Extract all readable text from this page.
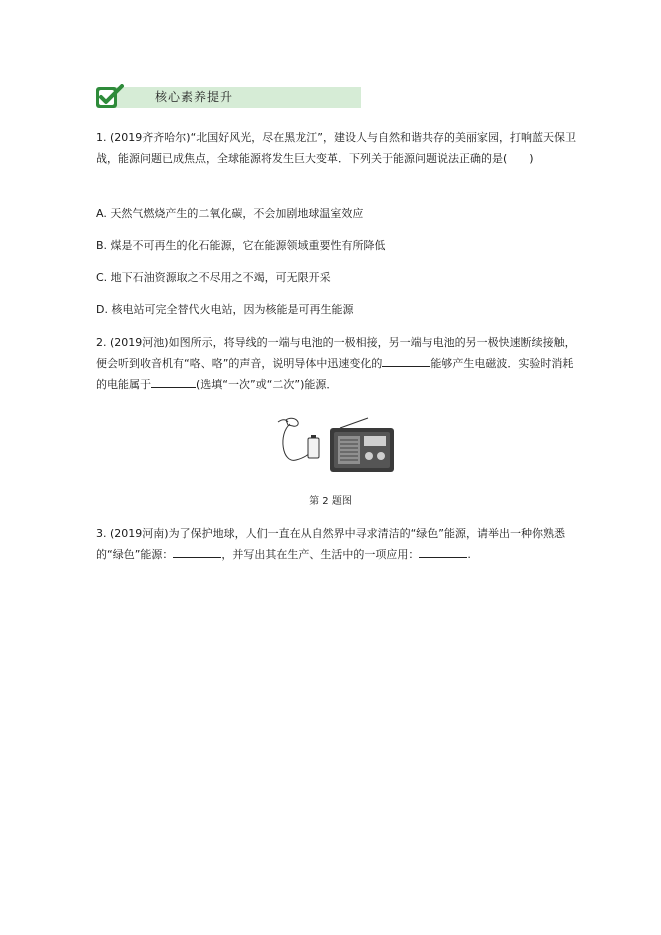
核心素养提升
1. (2019齐齐哈尔)“北国好风光，尽在黑龙江”，建设人与自然和谐共存的美丽家园，打响蓝天保卫战，能源问题已成焦点，全球能源将发生巨大变革．下列关于能源问题说法正确的是(　　)
A. 天然气燃烧产生的二氧化碳，不会加剧地球温室效应
B. 煤是不可再生的化石能源，它在能源领域重要性有所降低
C. 地下石油资源取之不尽用之不竭，可无限开采
D. 核电站可完全替代火电站，因为核能是可再生能源
2. (2019河池)如图所示，将导线的一端与电池的一极相接，另一端与电池的另一极快速断续接触，便会听到收音机有“咯、咯”的声音，说明导体中迅速变化的	能够产生电磁波．实验时消耗的电能属于	(选填“一次”或“二次”)能源．
第 2 题图
3. (2019河南)为了保护地球，人们一直在从自然界中寻求清洁的“绿色”能源，请举出一种你熟悉的“绿色”能源：	，并写出其在生产、生活中的一项应用：	.
